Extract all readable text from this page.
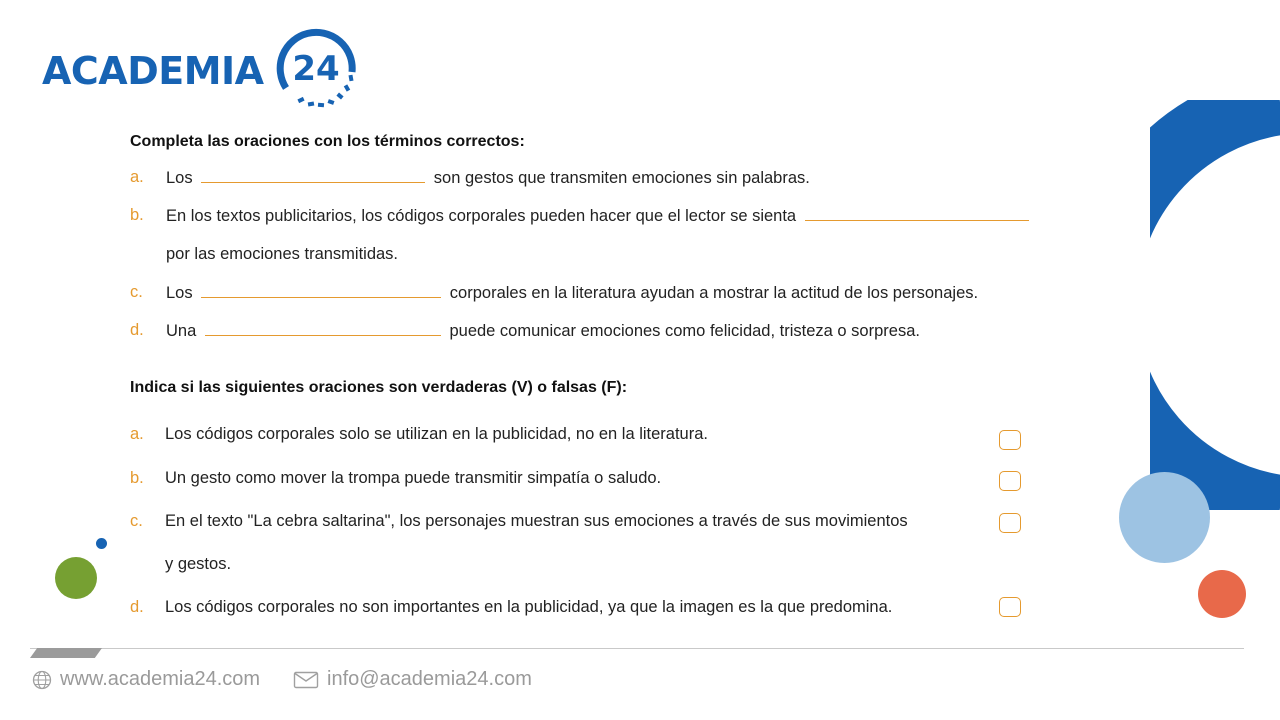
ACADEMIA 24
Completa las oraciones con los términos correctos:
a. Los	son gestos que transmiten emociones sin palabras.
b. En los textos publicitarios, los códigos corporales pueden hacer que el lector se sienta
por las emociones transmitidas.
c. Los	corporales en la literatura ayudan a mostrar la actitud de los personajes.
d. Una	puede comunicar emociones como felicidad, tristeza o sorpresa.
Indica si las siguientes oraciones son verdaderas (V) o falsas (F):
a. Los códigos corporales solo se utilizan en la publicidad, no en la literatura.
b. Un gesto como mover la trompa puede transmitir simpatía o saludo.
c. En el texto "La cebra saltarina", los personajes muestran sus emociones a través de sus movimientos
y gestos.
d. Los códigos corporales no son importantes en la publicidad, ya que la imagen es la que predomina.
www.academia24.com	info@academia24.com
